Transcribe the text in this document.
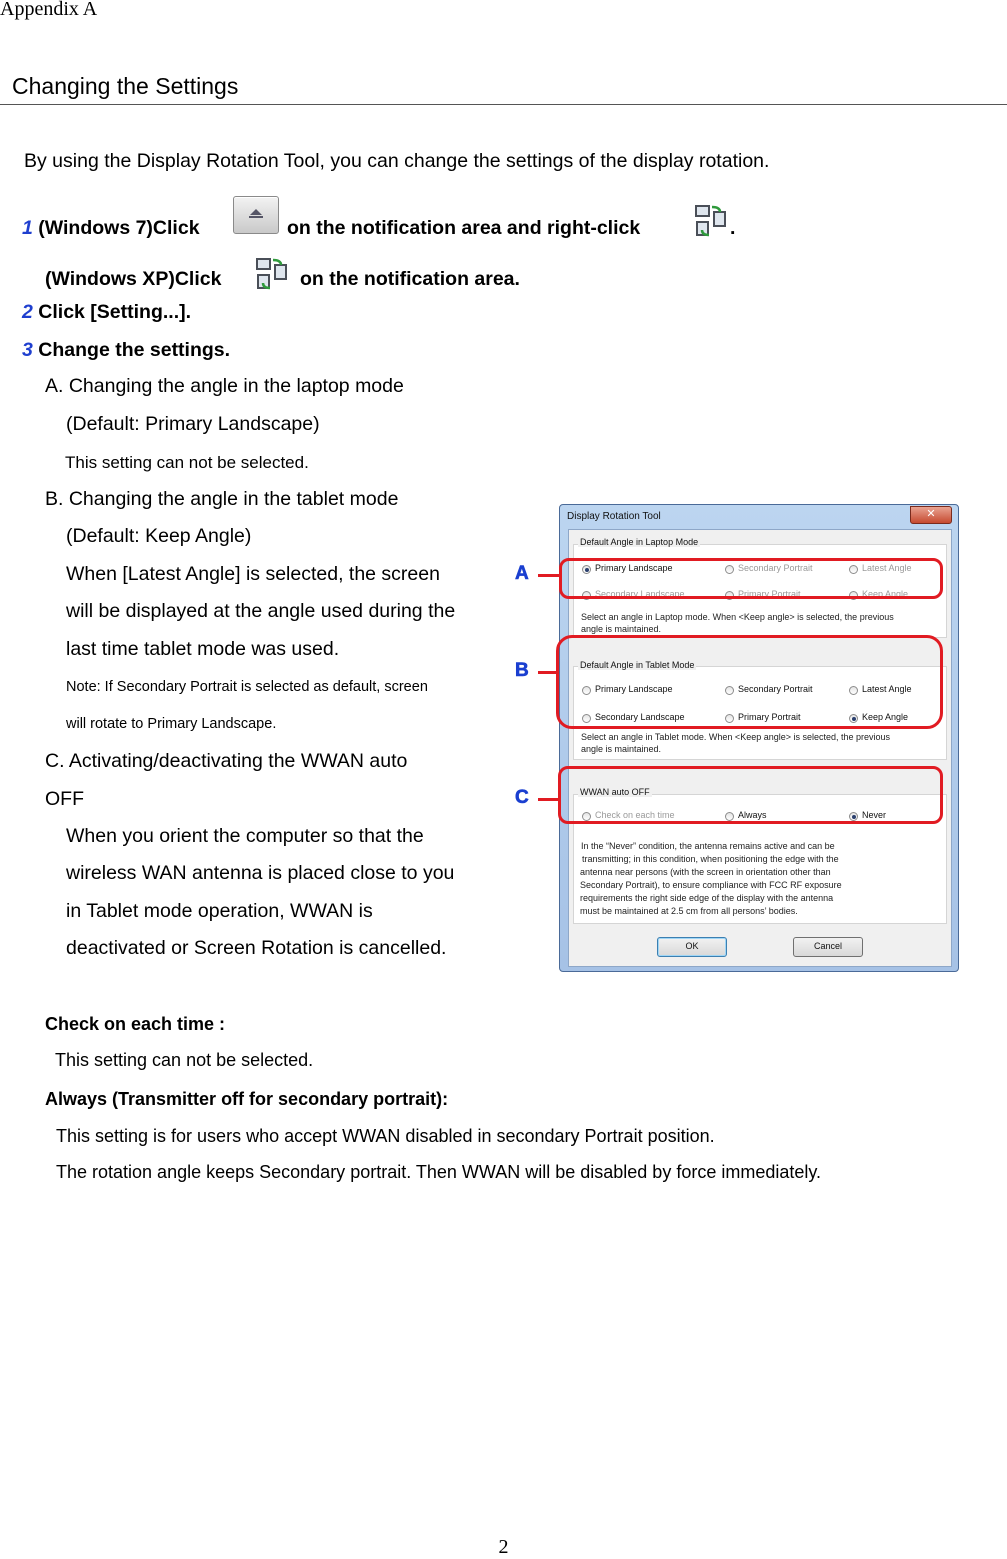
Appendix A
Changing the Settings
By using the Display Rotation Tool, you can change the settings of the display rotation.
1 (Windows 7)Click	on the notification area and right-click	.
(Windows XP)Click	on the notification area.
2 Click [Setting...].
3 Change the settings.
A. Changing the angle in the laptop mode
(Default: Primary Landscape)
This setting can not be selected.
B. Changing the angle in the tablet mode
(Default: Keep Angle)
When [Latest Angle] is selected, the screen
will be displayed at the angle used during the
last time tablet mode was used.
Note: If Secondary Portrait is selected as default, screen
will rotate to Primary Landscape.
C. Activating/deactivating the WWAN auto
OFF
When you orient the computer so that the
wireless WAN antenna is placed close to you
in Tablet mode operation, WWAN is
deactivated or Screen Rotation is cancelled.
Check on each time :
This setting can not be selected.
Always (Transmitter off for secondary portrait):
This setting is for users who accept WWAN disabled in secondary Portrait position.
The rotation angle keeps Secondary portrait. Then WWAN will be disabled by force immediately.
Display Rotation Tool	✕
Default Angle in Laptop Mode
Primary Landscape	Secondary Portrait	Latest Angle
Secondary Landscape	Primary Portrait	Keep Angle
Select an angle in Laptop mode. When <Keep angle> is selected, the previous
angle is maintained.
Default Angle in Tablet Mode
Primary Landscape	Secondary Portrait	Latest Angle
Secondary Landscape	Primary Portrait	Keep Angle
Select an angle in Tablet mode. When <Keep angle> is selected, the previous
angle is maintained.
WWAN auto OFF
Check on each time	Always	Never
In the “Never” condition, the antenna remains active and can be
transmitting; in this condition, when positioning the edge with the
antenna near persons (with the screen in orientation other than
Secondary Portrait), to ensure compliance with FCC RF exposure
requirements the right side edge of the display with the antenna
must be maintained at 2.5 cm from all persons’ bodies.
OK	Cancel
A
B
C
2
